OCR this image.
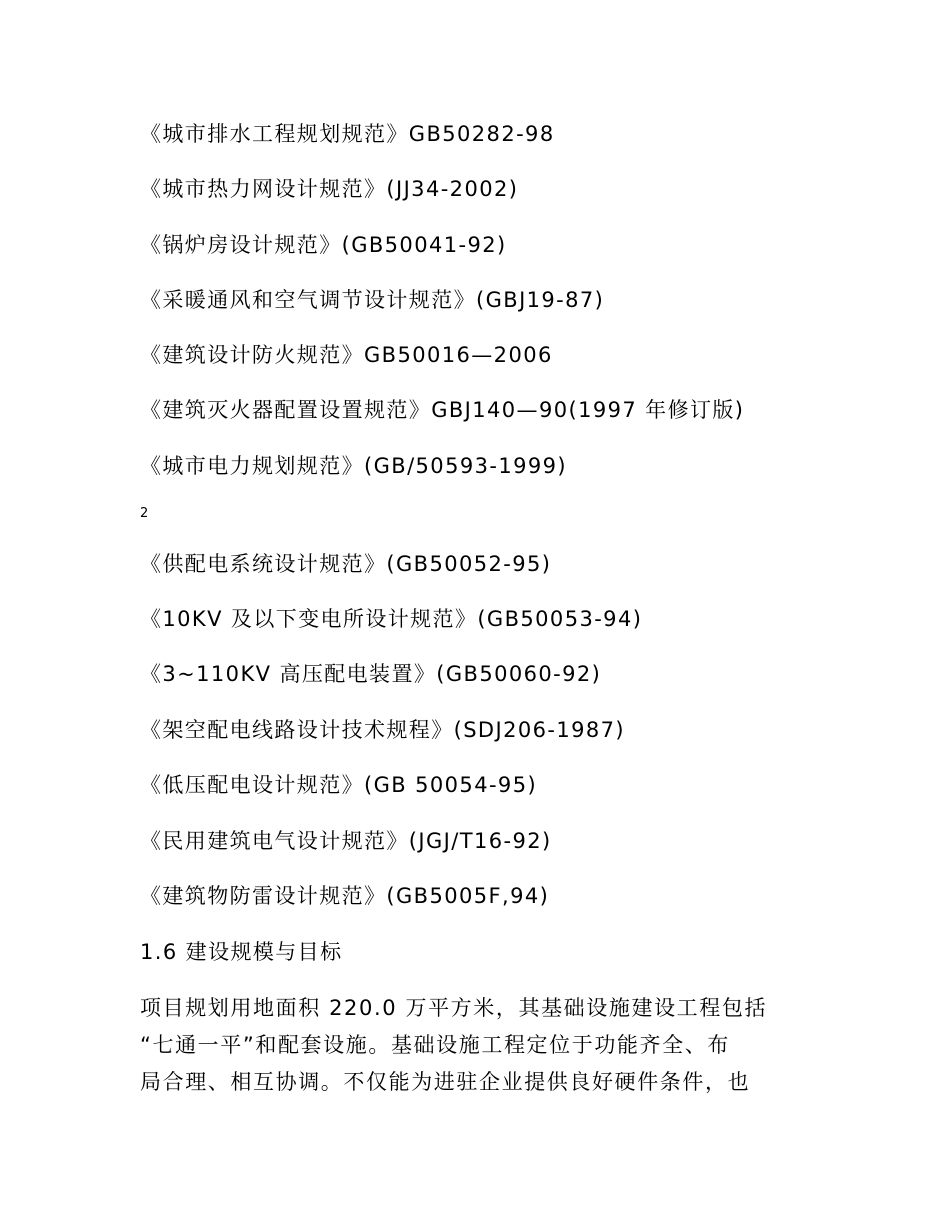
《城市排水工程规划规范》GB50282-98
《城市热力网设计规范》(JJ34-2002)
《锅炉房设计规范》(GB50041-92)
《采暖通风和空气调节设计规范》(GBJ19-87)
《建筑设计防火规范》GB50016—2006
《建筑灭火器配置设置规范》GBJ140—90(1997 年修订版)
《城市电力规划规范》(GB/50593-1999)
2
《供配电系统设计规范》(GB50052-95)
《10KV 及以下变电所设计规范》(GB50053-94)
《3~110KV 高压配电装置》(GB50060-92)
《架空配电线路设计技术规程》(SDJ206-1987)
《低压配电设计规范》(GB 50054-95)
《民用建筑电气设计规范》(JGJ/T16-92)
《建筑物防雷设计规范》(GB5005F,94)
1.6 建设规模与目标
项目规划用地面积 220.0 万平方米，其基础设施建设工程包括
“七通一平”和配套设施。基础设施工程定位于功能齐全、布
局合理、相互协调。不仅能为进驻企业提供良好硬件条件，也
